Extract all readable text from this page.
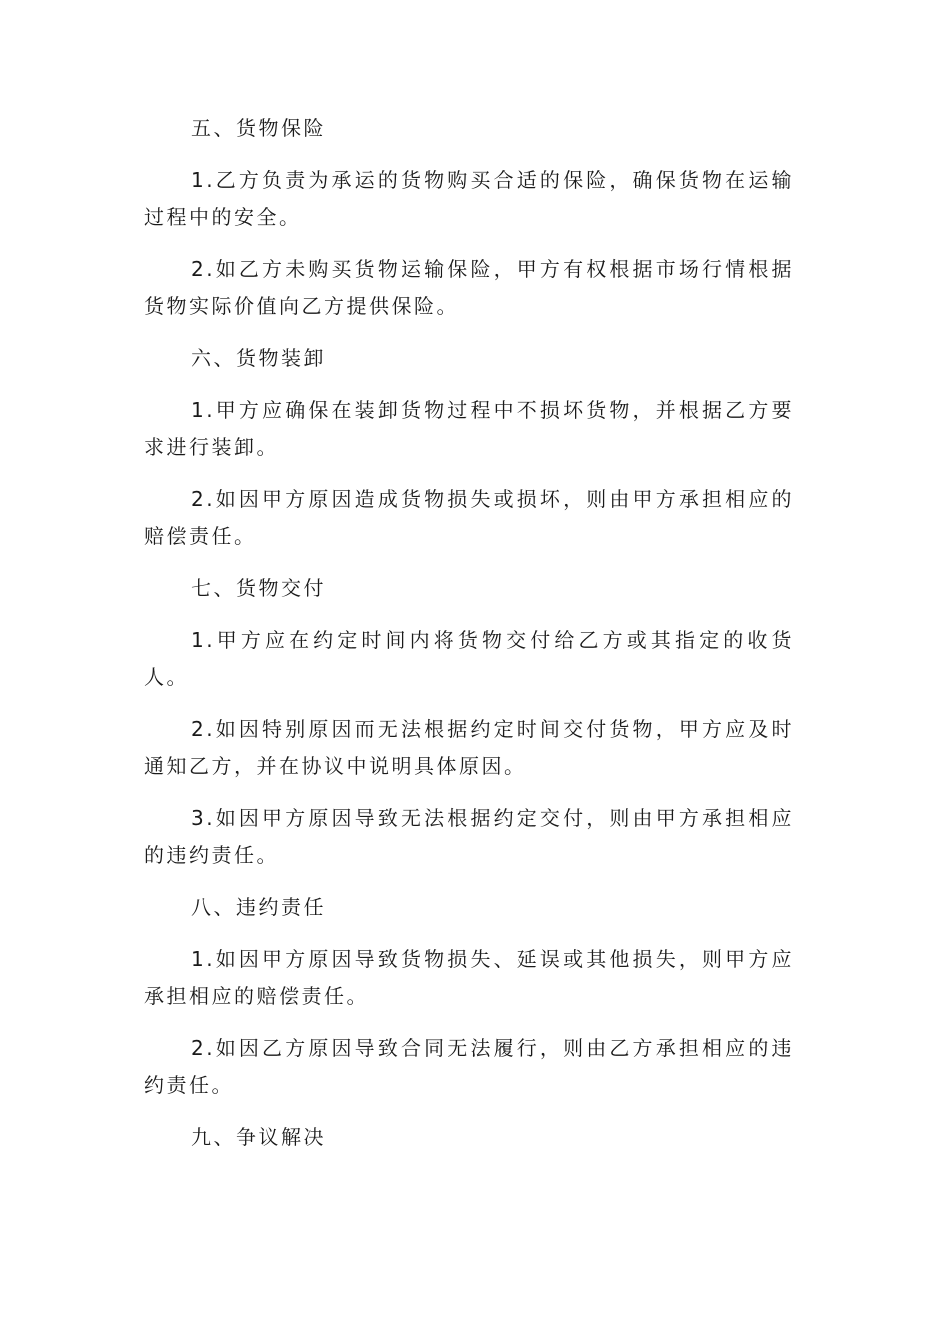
五、货物保险

1.乙方负责为承运的货物购买合适的保险，确保货物在运输过程中的安全。

2.如乙方未购买货物运输保险，甲方有权根据市场行情根据货物实际价值向乙方提供保险。

六、货物装卸

1.甲方应确保在装卸货物过程中不损坏货物，并根据乙方要求进行装卸。

2.如因甲方原因造成货物损失或损坏，则由甲方承担相应的赔偿责任。

七、货物交付

1.甲方应在约定时间内将货物交付给乙方或其指定的收货人。

2.如因特别原因而无法根据约定时间交付货物，甲方应及时通知乙方，并在协议中说明具体原因。

3.如因甲方原因导致无法根据约定交付，则由甲方承担相应的违约责任。

八、违约责任

1.如因甲方原因导致货物损失、延误或其他损失，则甲方应承担相应的赔偿责任。

2.如因乙方原因导致合同无法履行，则由乙方承担相应的违约责任。

九、争议解决
